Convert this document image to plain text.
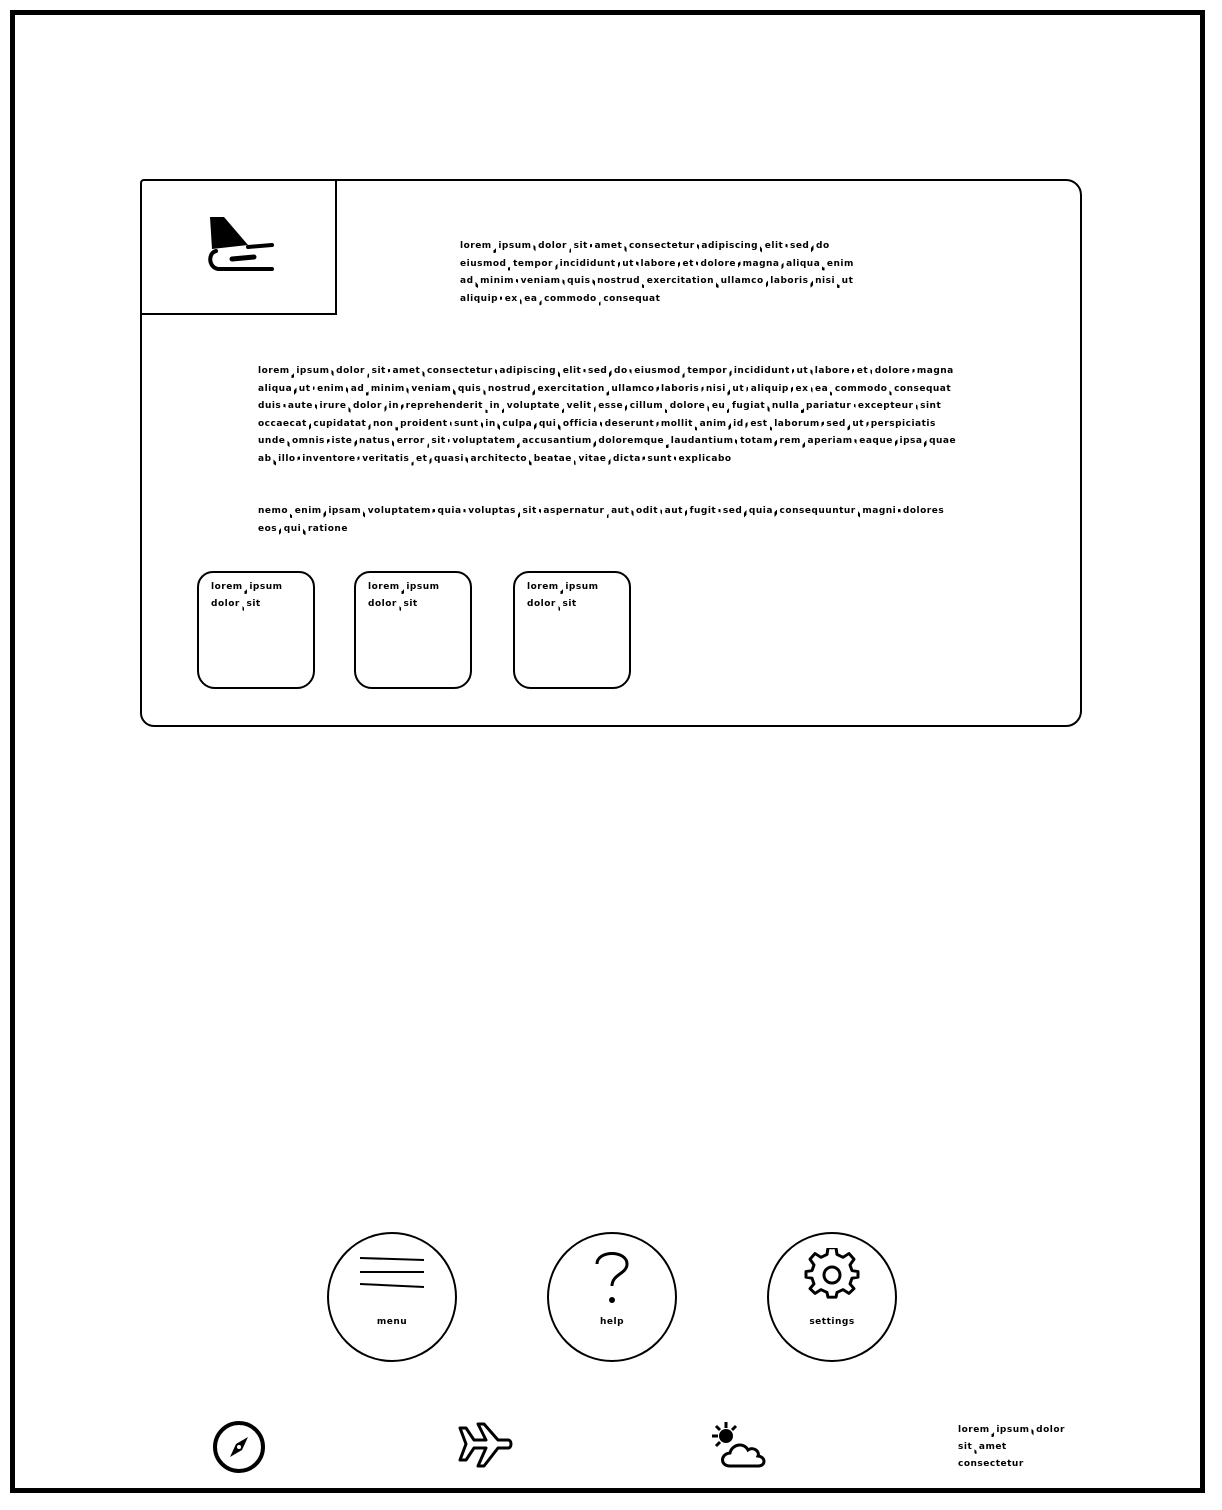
lorem ipsum dolor sit amet consectetur adipiscing elit sed do eiusmod tempor incididunt ut labore et dolore magna aliqua enim ad minim veniam quis nostrud exercitation ullamco laboris nisi ut aliquip ex ea commodo consequat
lorem ipsum dolor sit amet consectetur adipiscing elit sed do eiusmod tempor incididunt ut labore et dolore magna aliqua ut enim ad minim veniam quis nostrud exercitation ullamco laboris nisi ut aliquip ex ea commodo consequat duis aute irure dolor in reprehenderit in voluptate velit esse cillum dolore eu fugiat nulla pariatur excepteur sint occaecat cupidatat non proident sunt in culpa qui officia deserunt mollit anim id est laborum sed ut perspiciatis unde omnis iste natus error sit voluptatem accusantium doloremque laudantium totam rem aperiam eaque ipsa quae ab illo inventore veritatis et quasi architecto beatae vitae dicta sunt explicabo
nemo enim ipsam voluptatem quia voluptas sit aspernatur aut odit aut fugit sed quia consequuntur magni dolores eos qui ratione
lorem ipsum dolor sit
lorem ipsum dolor sit
lorem ipsum dolor sit
menu	help	settings
lorem ipsum dolor sit amet consectetur
